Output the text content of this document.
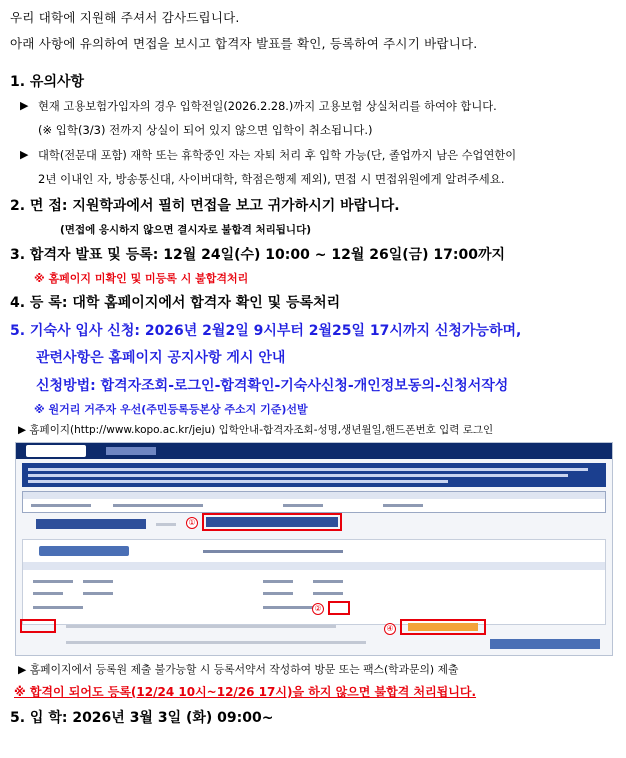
우리 대학에 지원해 주셔서 감사드립니다.
아래 사항에 유의하여 면접을 보시고 합격자 발표를 확인, 등록하여 주시기 바랍니다.
1. 유의사항
▶ 현재 고용보험가입자의 경우 입학전일(2026.2.28.)까지 고용보험 상실처리를 하여야 합니다.
(※ 입학(3/3) 전까지 상실이 되어 있지 않으면 입학이 취소됩니다.)
▶ 대학(전문대 포함) 재학 또는 휴학중인 자는 자퇴 처리 후 입학 가능(단, 졸업까지 남은 수업연한이
2년 이내인 자, 방송통신대, 사이버대학, 학점은행제 제외), 면접 시 면접위원에게 알려주세요.
2. 면 접: 지원학과에서 필히 면접을 보고 귀가하시기 바랍니다.
(면접에 응시하지 않으면 결시자로 불합격 처리됩니다)
3. 합격자 발표 및 등록: 12월 24일(수) 10:00 ~ 12월 26일(금) 17:00까지
※ 홈페이지 미확인 및 미등록 시 불합격처리
4. 등 록: 대학 홈페이지에서 합격자 확인 및 등록처리
5. 기숙사 입사 신청: 2026년 2월2일 9시부터 2월25일 17시까지 신청가능하며,
관련사항은 홈페이지 공지사항 게시 안내
신청방법: 합격자조회-로그인-합격확인-기숙사신청-개인정보동의-신청서작성
※ 원거리 거주자 우선(주민등록등본상 주소지 기준)선발
▶ 홈페이지(http://www.kopo.ac.kr/jeju) 입학안내-합격자조회-성명,생년월일,핸드폰번호 입력 로그인
①
②
④
▶ 홈페이지에서 등록원 제출 불가능할 시 등록서약서 작성하여 방문 또는 팩스(학과문의) 제출
※ 합격이 되어도 등록(12/24 10시~12/26 17시)을 하지 않으면 불합격 처리됩니다.
5. 입 학: 2026년 3월 3일 (화) 09:00~
